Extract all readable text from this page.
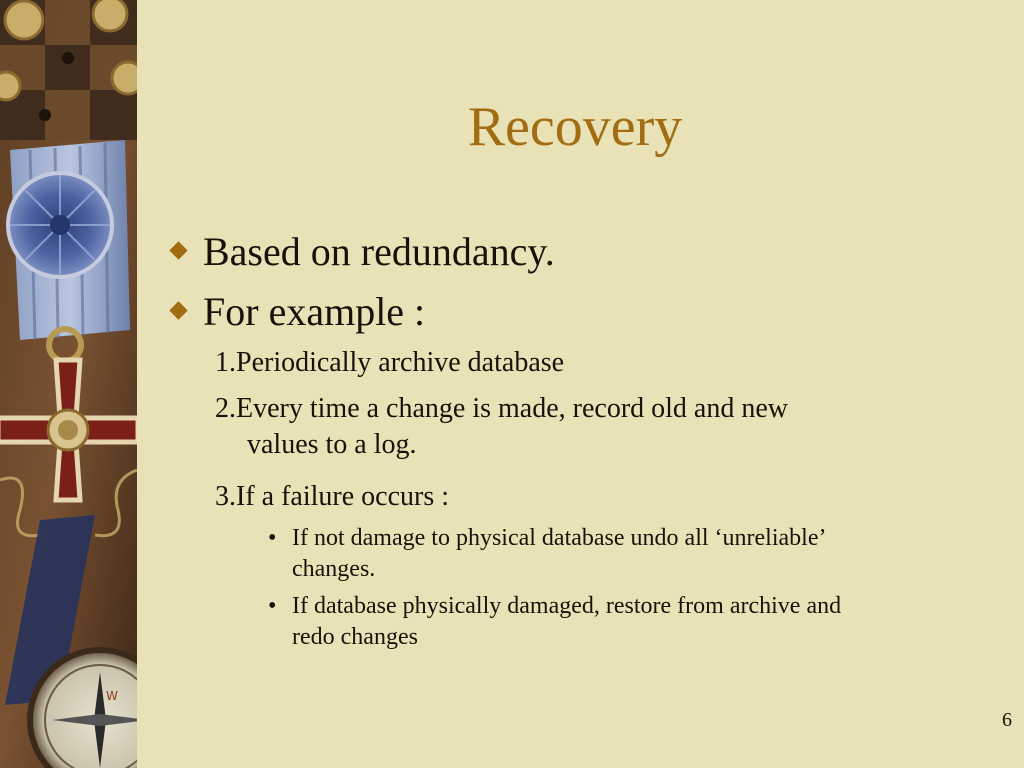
W
Recovery
Based on redundancy.
For example :
1.Periodically archive database
2.Every time a change is made, record old and new
values to a log.
3.If a failure occurs :
• If not damage to physical database undo all ‘unreliable’
changes.
• If database physically damaged, restore from archive and
redo changes
6
